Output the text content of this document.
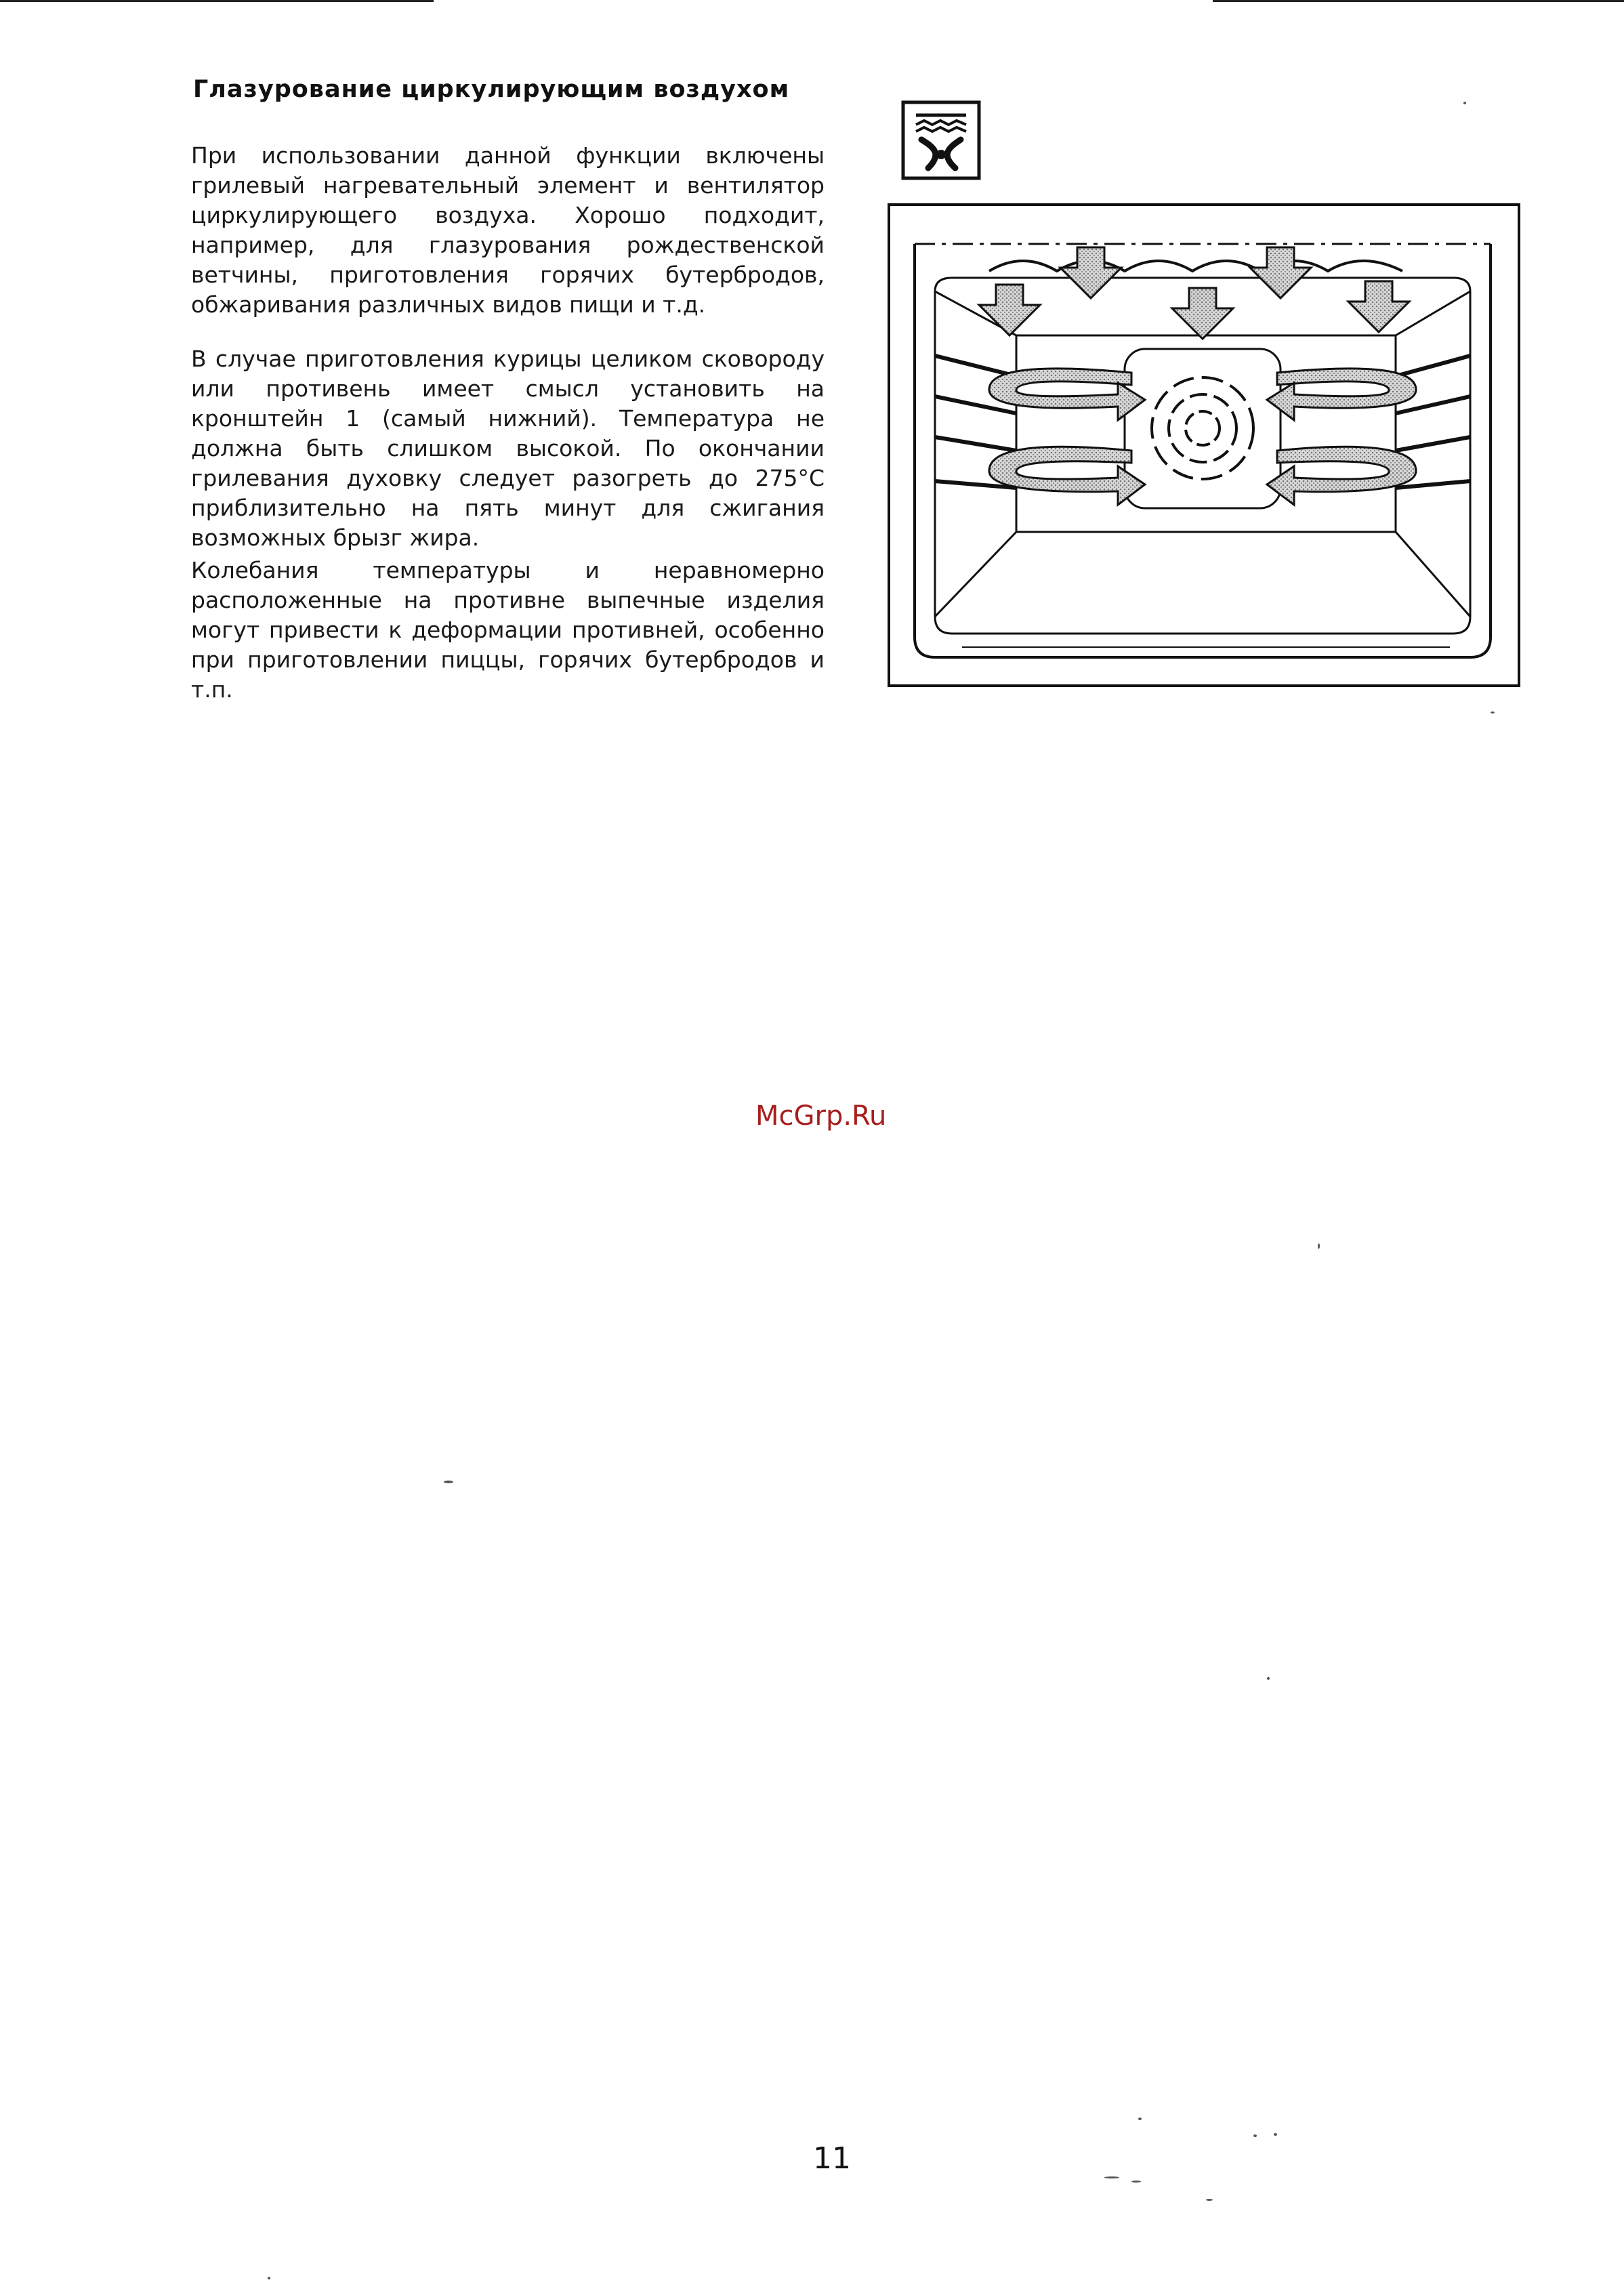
Глазурование циркулирующим воздухом

При использовании данной функции включены грилевый нагревательный элемент и вентилятор циркулирующего воздуха. Хорошо подходит, например, для глазурования рождественской ветчины, приготовления горячих бутербродов, обжаривания различных видов пищи и т.д.

В случае приготовления курицы целиком сковороду или противень имеет смысл установить на кронштейн 1 (самый нижний). Температура не должна быть слишком высокой. По окончании грилевания духовку следует разогреть до 275°С приблизительно на пять минут для сжигания возможных брызг жира.

Колебания температуры и неравномерно расположенные на противне выпечные изделия могут привести к деформации противней, особенно при приготовлении пиццы, горячих бутербродов и т.п.

McGrp.Ru
11
